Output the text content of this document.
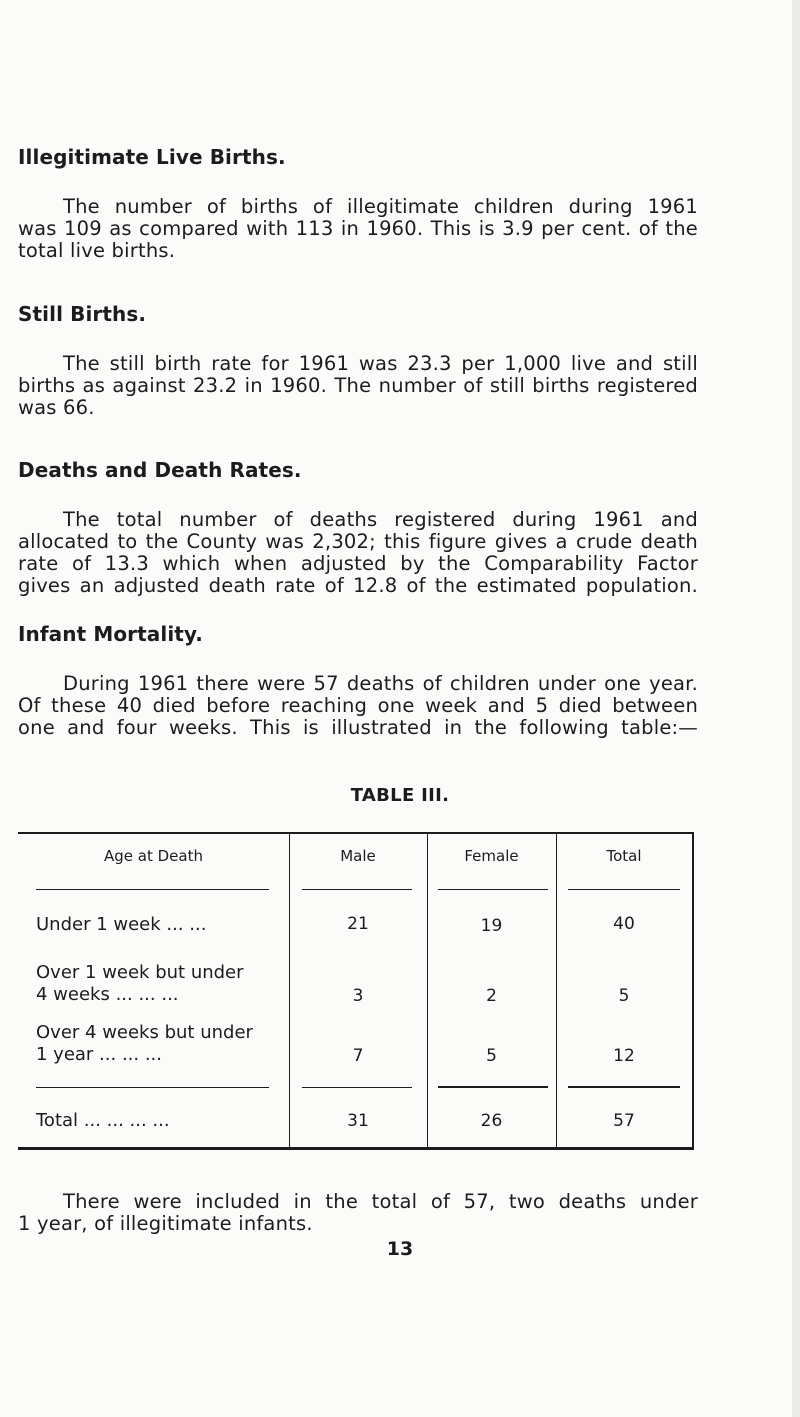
Illegitimate Live Births.
The number of births of illegitimate children during 1961
was 109 as compared with 113 in 1960. This is 3.9 per cent. of the
total live births.
Still Births.
The still birth rate for 1961 was 23.3 per 1,000 live and still
births as against 23.2 in 1960. The number of still births registered
was 66.
Deaths and Death Rates.
The total number of deaths registered during 1961 and
allocated to the County was 2,302; this figure gives a crude death
rate of 13.3 which when adjusted by the Comparability Factor
gives an adjusted death rate of 12.8 of the estimated population.
Infant Mortality.
During 1961 there were 57 deaths of children under one year.
Of these 40 died before reaching one week and 5 died between
one and four weeks. This is illustrated in the following table:—
TABLE III.
Age at Death	Male	Female	Total
Under 1 week ... ...	21	19	40
Over 1 week but under
4 weeks ... ... ...	3	2	5
Over 4 weeks but under
1 year ... ... ...	7	5	12
Total ... ... ... ...	31	26	57
There were included in the total of 57, two deaths under
1 year, of illegitimate infants.
13
